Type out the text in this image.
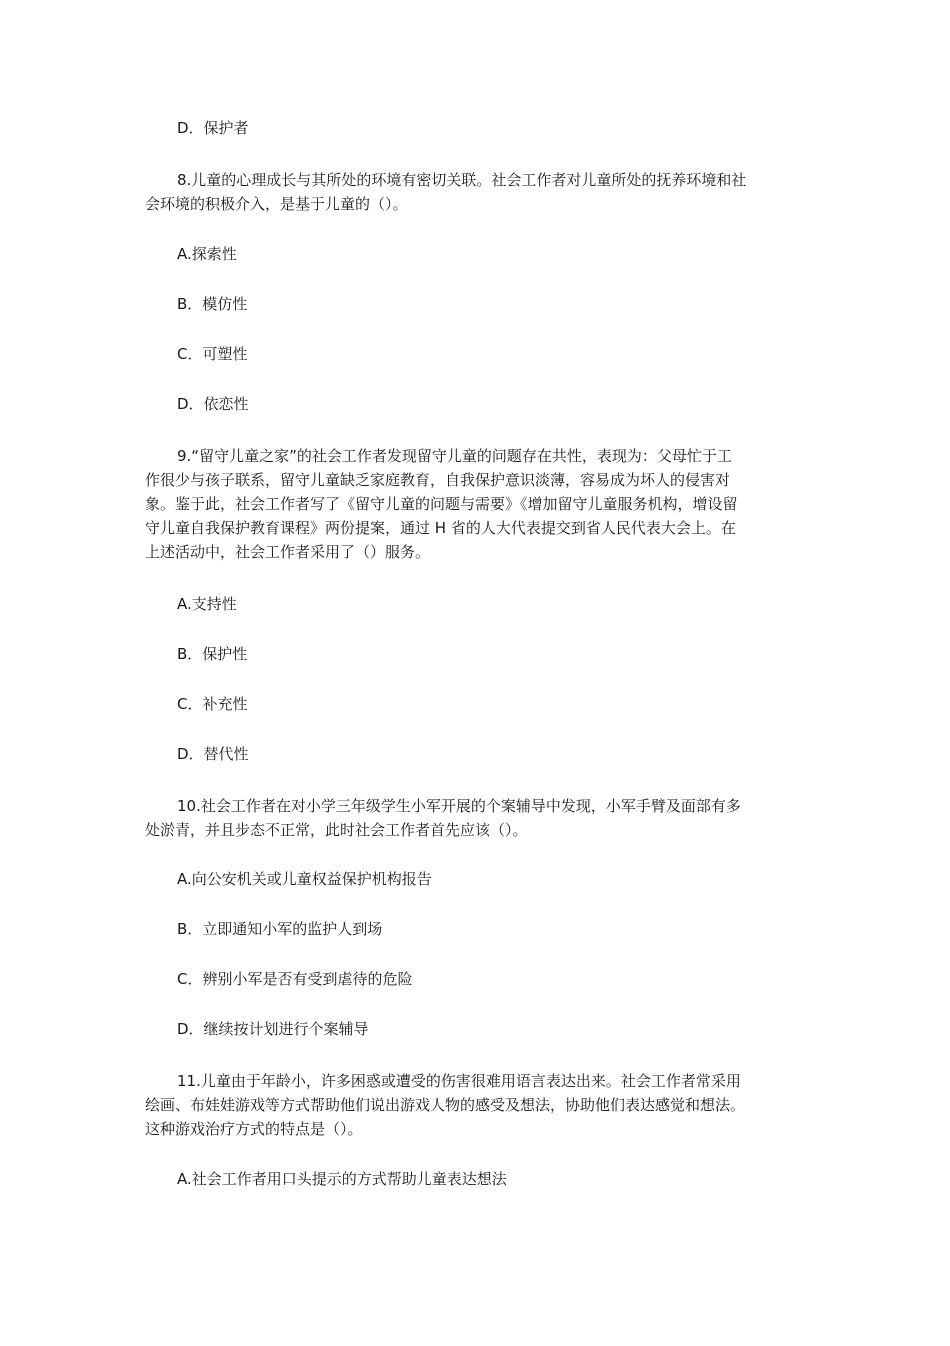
D．保护者

8.儿童的心理成长与其所处的环境有密切关联。社会工作者对儿童所处的抚养环境和社

会环境的积极介入，是基于儿童的（）。

A.探索性

B．模仿性

C．可塑性

D．依恋性

9.“留守儿童之家”的社会工作者发现留守儿童的问题存在共性，表现为：父母忙于工

作很少与孩子联系，留守儿童缺乏家庭教育，自我保护意识淡薄，容易成为坏人的侵害对

象。鉴于此，社会工作者写了《留守儿童的问题与需要》《增加留守儿童服务机构，增设留

守儿童自我保护教育课程》两份提案，通过 H 省的人大代表提交到省人民代表大会上。在

上述活动中，社会工作者采用了（）服务。

A.支持性

B．保护性

C．补充性

D．替代性

10.社会工作者在对小学三年级学生小军开展的个案辅导中发现，小军手臂及面部有多

处淤青，并且步态不正常，此时社会工作者首先应该（）。

A.向公安机关或儿童权益保护机构报告

B．立即通知小军的监护人到场

C．辨别小军是否有受到虐待的危险

D．继续按计划进行个案辅导

11.儿童由于年龄小，许多困惑或遭受的伤害很难用语言表达出来。社会工作者常采用

绘画、布娃娃游戏等方式帮助他们说出游戏人物的感受及想法，协助他们表达感觉和想法。

这种游戏治疗方式的特点是（）。

A.社会工作者用口头提示的方式帮助儿童表达想法
